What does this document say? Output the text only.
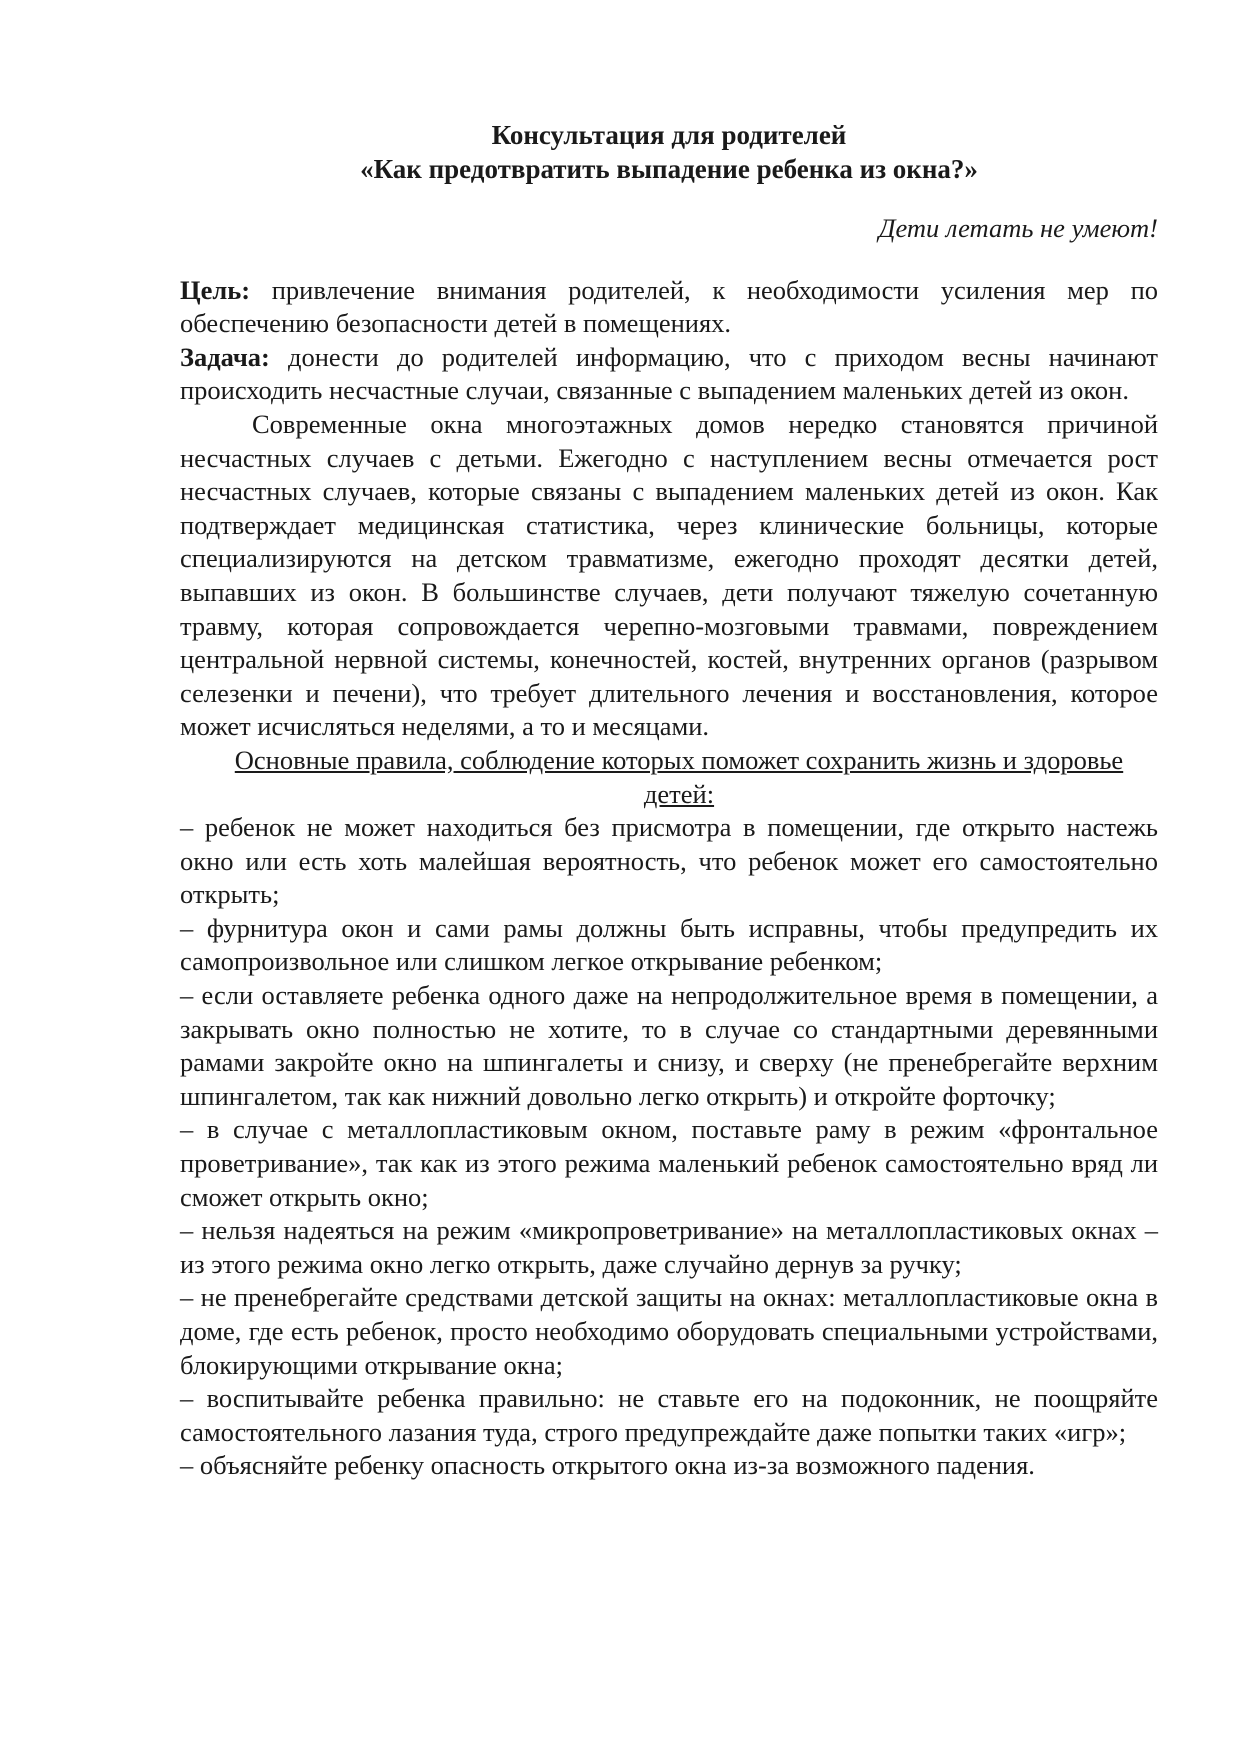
Консультация для родителей
«Как предотвратить выпадение ребенка из окна?»

Дети летать не умеют!

Цель: привлечение внимания родителей, к необходимости усиления мер по обеспечению безопасности детей в помещениях.

Задача: донести до родителей информацию, что с приходом весны начинают происходить несчастные случаи, связанные с выпадением маленьких детей из окон.

Современные окна многоэтажных домов нередко становятся причиной несчастных случаев с детьми. Ежегодно с наступлением весны отмечается рост несчастных случаев, которые связаны с выпадением маленьких детей из окон. Как подтверждает медицинская статистика, через клинические больницы, которые специализируются на детском травматизме, ежегодно проходят десятки детей, выпавших из окон. В большинстве случаев, дети получают тяжелую сочетанную травму, которая сопровождается черепно-мозговыми травмами, повреждением центральной нервной системы, конечностей, костей, внутренних органов (разрывом селезенки и печени), что требует длительного лечения и восстановления, которое может исчисляться неделями, а то и месяцами.

Основные правила, соблюдение которых поможет сохранить жизнь и здоровье детей:

– ребенок не может находиться без присмотра в помещении, где открыто настежь окно или есть хоть малейшая вероятность, что ребенок может его самостоятельно открыть;

– фурнитура окон и сами рамы должны быть исправны, чтобы предупредить их самопроизвольное или слишком легкое открывание ребенком;

– если оставляете ребенка одного даже на непродолжительное время в помещении, а закрывать окно полностью не хотите, то в случае со стандартными деревянными рамами закройте окно на шпингалеты и снизу, и сверху (не пренебрегайте верхним шпингалетом, так как нижний довольно легко открыть) и откройте форточку;

– в случае с металлопластиковым окном, поставьте раму в режим «фронтальное проветривание», так как из этого режима маленький ребенок самостоятельно вряд ли сможет открыть окно;

– нельзя надеяться на режим «микропроветривание» на металлопластиковых окнах – из этого режима окно легко открыть, даже случайно дернув за ручку;

– не пренебрегайте средствами детской защиты на окнах: металлопластиковые окна в доме, где есть ребенок, просто необходимо оборудовать специальными устройствами, блокирующими открывание окна;

– воспитывайте ребенка правильно: не ставьте его на подоконник, не поощряйте самостоятельного лазания туда, строго предупреждайте даже попытки таких «игр»;

– объясняйте ребенку опасность открытого окна из-за возможного падения.
